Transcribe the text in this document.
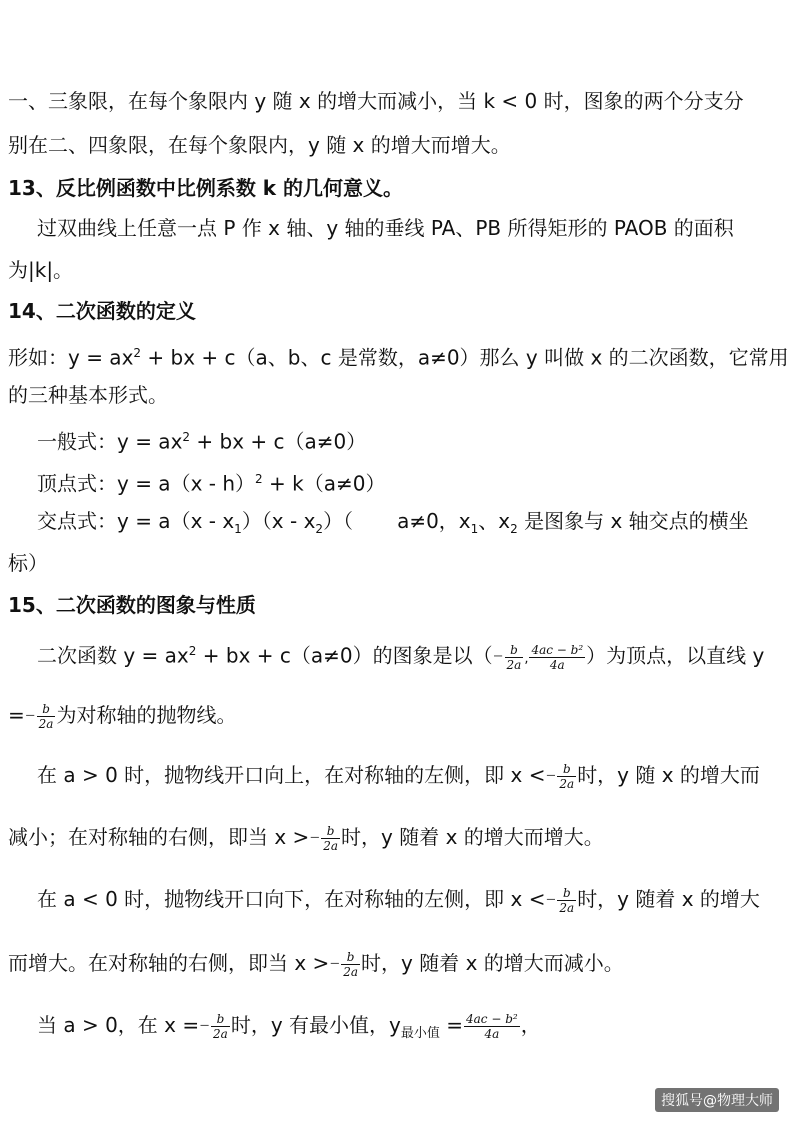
一、三象限，在每个象限内 y 随 x 的增大而减小，当 k < 0 时，图象的两个分支分
别在二、四象限，在每个象限内，y 随 x 的增大而增大。
13、反比例函数中比例系数 k 的几何意义。
过双曲线上任意一点 P 作 x 轴、y 轴的垂线 PA、PB 所得矩形的 PAOB 的面积
为|k|。
14、二次函数的定义
形如：$y = ax^2$ + bx + c（a、b、c 是常数，a≠0）那么 y 叫做 x 的二次函数，它常用
的三种基本形式。
一般式：$y = ax^2$ + bx + c（a≠0）
顶点式：y = a（x - h）$^2$ + k（a≠0）
交点式：$y = a(x - x_1)(x - x_2)$（ a≠0，$x_1$、$x_2$ 是图象与 x 轴交点的横坐
标）
15、二次函数的图象与性质
二次函数 $y = ax^2$ + bx + c（a≠0）的图象是以（− $\frac{b}{2a}$ , $\frac{\text{4ac − b²}}{4a}$ ）为顶点，以直线 y
=− $\frac{b}{2a}$ 为对称轴的抛物线。
在 a > 0 时，抛物线开口向上，在对称轴的左侧，即 $x <- \frac{b}{2a}$ 时，y 随 x 的增大而
减小；在对称轴的右侧，即当 $x >- \frac{b}{2a}$ 时，y 随着 x 的增大而增大。
在 a < 0 时，抛物线开口向下，在对称轴的左侧，即 $x <- \frac{b}{2a}$ 时，y 随着 x 的增大
而增大。在对称轴的右侧，即当 $x >- \frac{b}{2a}$ 时，y 随着 x 的增大而减小。
当 a > 0，在 $x =- \frac{b}{2a}$ 时，y 有最小值，$y_{最小值} = \frac{\text{4ac − b²}}{4a}$ ，
搜狐号@物理大师
